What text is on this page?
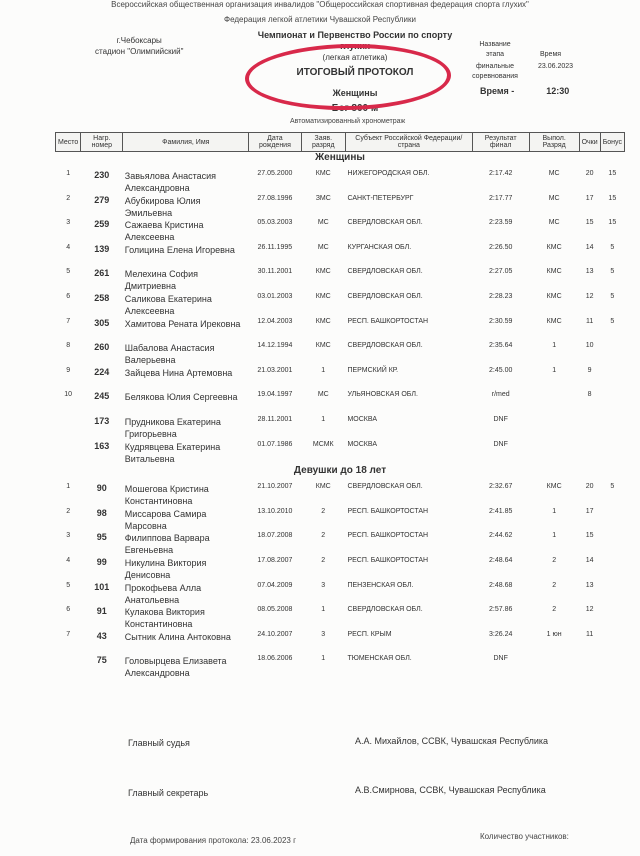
Всероссийская общественная организация инвалидов "Общероссийская спортивная федерация спорта глухих"
Федерация легкой атлетики Чувашской Республики
г.Чебоксары
стадион "Олимпийский"
Чемпионат и Первенство России по спорту глухих
(легкая атлетика)
ИТОГОВЫЙ ПРОТОКОЛ
Женщины
Бег 800 м
Название этапа	Время
финальные соревнования
23.06.2023
Время -	12:30
Автоматизированный хронометраж
Место	Нагр. номер	Фамилия, Имя	Дата рождения	Заяв. разряд	Субъект Российской Федерации/ страна	Результат финал	Выпол. Разряд	Очки	Бонус
Женщины									
1	230	Завьялова Анастасия Александровна	27.05.2000	КМС	НИЖЕГОРОДСКАЯ ОБЛ.	2:17.42	МС	20	15
2	279	Абубкирова Юлия Эмильевна	27.08.1996	ЗМС	САНКТ-ПЕТЕРБУРГ	2:17.77	МС	17	15
3	259	Сажаева Кристина Алексеевна	05.03.2003	МС	СВЕРДЛОВСКАЯ ОБЛ.	2:23.59	МС	15	15
4	139	Голицина Елена Игоревна	26.11.1995	МС	КУРГАНСКАЯ ОБЛ.	2:26.50	КМС	14	5
5	261	Мелехина София Дмитриевна	30.11.2001	КМС	СВЕРДЛОВСКАЯ ОБЛ.	2:27.05	КМС	13	5
6	258	Саликова Екатерина Алексеевна	03.01.2003	КМС	СВЕРДЛОВСКАЯ ОБЛ.	2:28.23	КМС	12	5
7	305	Хамитова Рената Ирековна	12.04.2003	КМС	РЕСП. БАШКОРТОСТАН	2:30.59	КМС	11	5
8	260	Шабалова Анастасия Валерьевна	14.12.1994	КМС	СВЕРДЛОВСКАЯ ОБЛ.	2:35.64	1	10	
9	224	Зайцева Нина Артемовна	21.03.2001	1	ПЕРМСКИЙ КР.	2:45.00	1	9	
10	245	Белякова Юлия Сергеевна	19.04.1997	МС	УЛЬЯНОВСКАЯ ОБЛ.	r/med		8	
	173	Прудникова Екатерина Григорьевна	28.11.2001	1	МОСКВА	DNF			
	163	Кудрявцева Екатерина Витальевна	01.07.1986	МСМК	МОСКВА	DNF			
Девушки до 18 лет									
1	90	Мошегова Кристина Константиновна	21.10.2007	КМС	СВЕРДЛОВСКАЯ ОБЛ.	2:32.67	КМС	20	5
2	98	Миссарова Самира Марсовна	13.10.2010	2	РЕСП. БАШКОРТОСТАН	2:41.85	1	17	
3	95	Филиппова Варвара Евгеньевна	18.07.2008	2	РЕСП. БАШКОРТОСТАН	2:44.62	1	15	
4	99	Никулина Виктория Денисовна	17.08.2007	2	РЕСП. БАШКОРТОСТАН	2:48.64	2	14	
5	101	Прокофьева Алла Анатольевна	07.04.2009	3	ПЕНЗЕНСКАЯ ОБЛ.	2:48.68	2	13	
6	91	Кулакова Виктория Константиновна	08.05.2008	1	СВЕРДЛОВСКАЯ ОБЛ.	2:57.86	2	12	
7	43	Сытник Алина Антоковна	24.10.2007	3	РЕСП. КРЫМ	3:26.24	1 юн	11	
	75	Головырцева Елизавета Александровна	18.06.2006	1	ТЮМЕНСКАЯ ОБЛ.	DNF			
Главный судья	А.А. Михайлов, ССВК, Чувашская Республика
Главный секретарь	А.В.Смирнова, ССВК, Чувашская Республика
Дата формирования протокола: 23.06.2023 г	Количество участников:
